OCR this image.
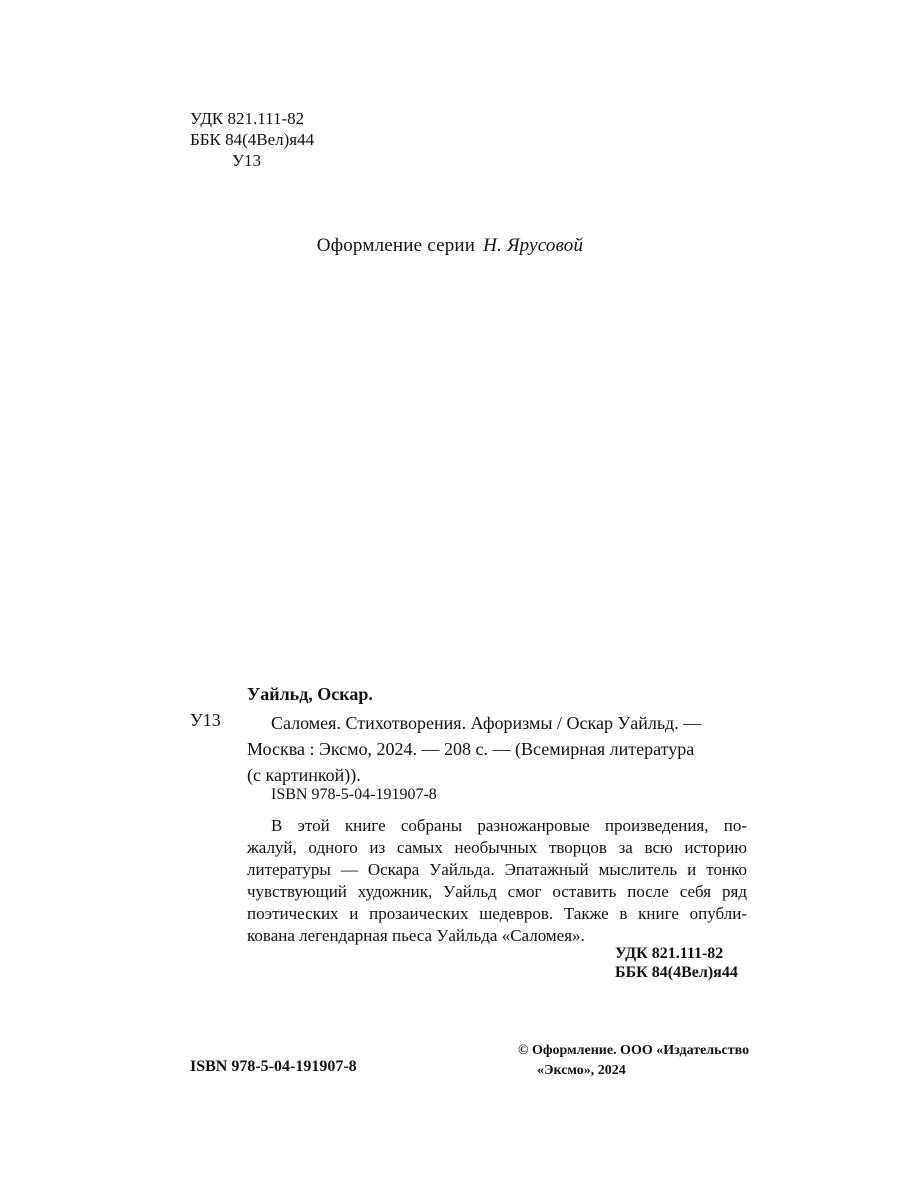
УДК 821.111-82
ББК 84(4Вел)я44
У13
Оформление серии Н. Ярусовой
Уайльд, Оскар.
У13	Саломея. Стихотворения. Афоризмы / Оскар Уайльд. —
Москва : Эксмо, 2024. — 208 с. — (Всемирная литература
(с картинкой)).
ISBN 978-5-04-191907-8
В этой книге собраны разножанровые произведения, по-
жалуй, одного из самых необычных творцов за всю историю
литературы — Оскара Уайльда. Эпатажный мыслитель и тонко
чувствующий художник, Уайльд смог оставить после себя ряд
поэтических и прозаических шедевров. Также в книге опубли-
кована легендарная пьеса Уайльда «Саломея».
УДК 821.111-82
ББК 84(4Вел)я44
ISBN 978-5-04-191907-8
© Оформление. ООО «Издательство
«Эксмо», 2024
